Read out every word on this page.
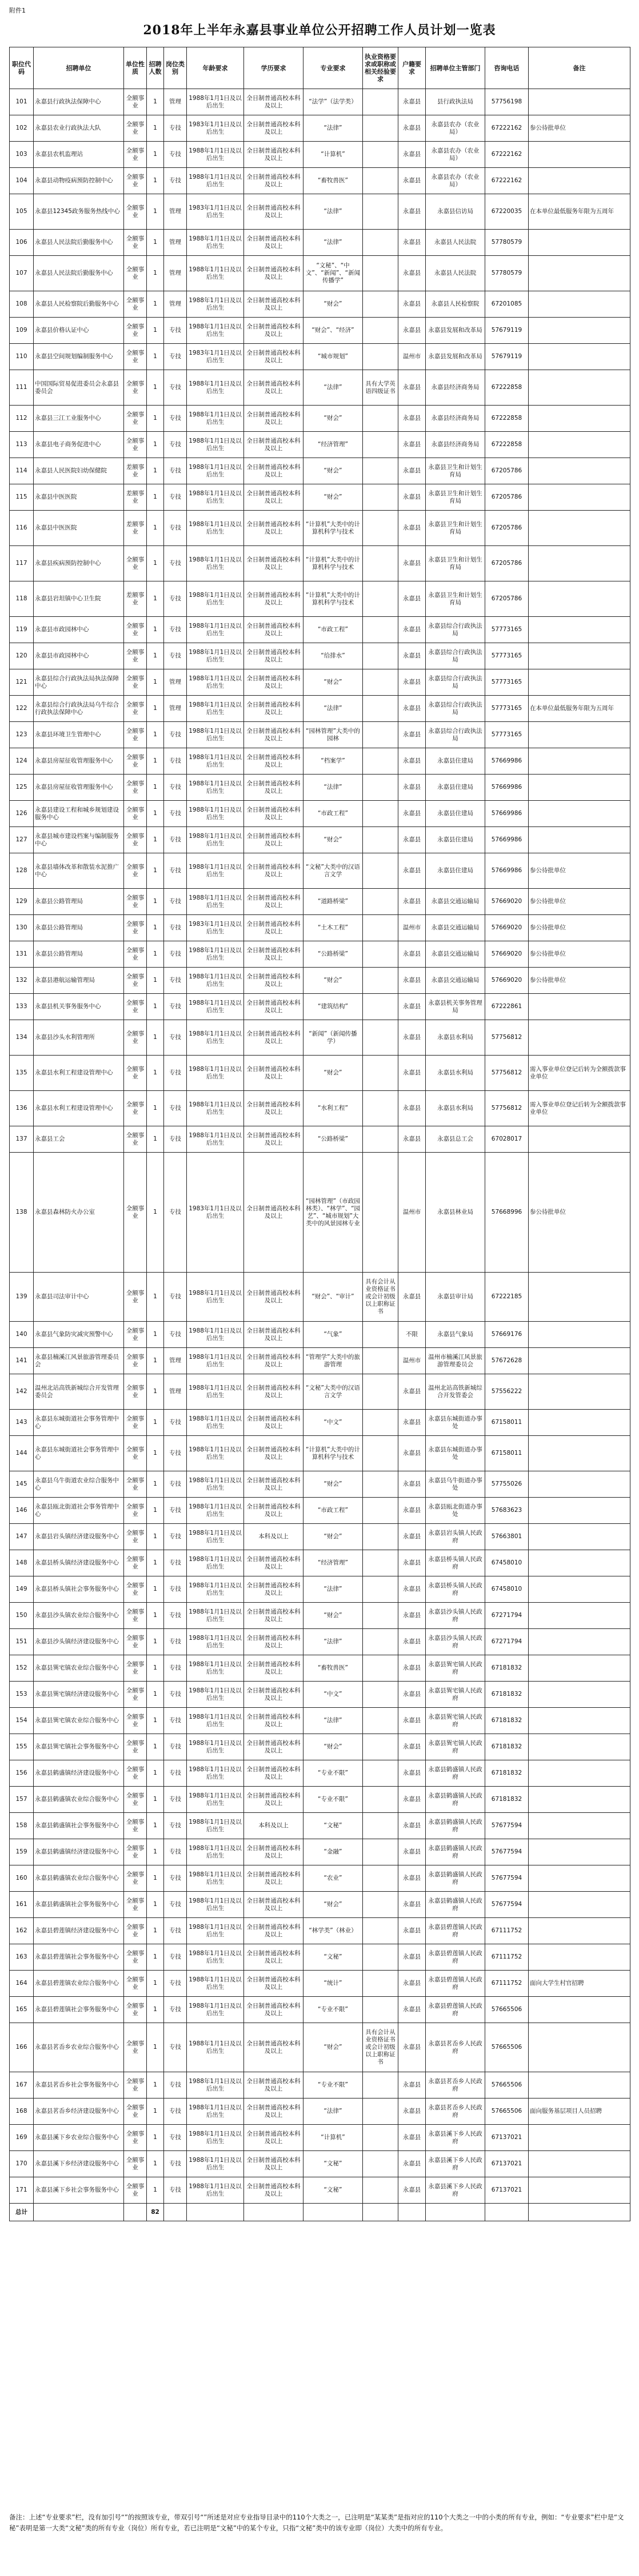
附件1
2018年上半年永嘉县事业单位公开招聘工作人员计划一览表
职位代码	招聘单位	单位性质	招聘人数	岗位类别	年龄要求	学历要求	专业要求	执业资格要求或职称或相关经验要求	户籍要求	招聘单位主管部门	咨询电话	备注
101	永嘉县行政执法保障中心	全额事业	1	管理	1988年1月1日及以后出生	全日制普通高校本科及以上	“法学”（法学类）		永嘉县	县行政执法局	57756198	
102	永嘉县农业行政执法大队	全额事业	1	专技	1983年1月1日及以后出生	全日制普通高校本科及以上	“法律”		永嘉县	永嘉县农办（农业局）	67222162	参公待批单位
103	永嘉县农机监理站	全额事业	1	专技	1988年1月1日及以后出生	全日制普通高校本科及以上	“计算机”		永嘉县	永嘉县农办（农业局）	67222162	
104	永嘉县动物疫病预防控制中心	全额事业	1	专技	1988年1月1日及以后出生	全日制普通高校本科及以上	“畜牧兽医”		永嘉县	永嘉县农办（农业局）	67222162	
105	永嘉县12345政务服务热线中心	全额事业	1	管理	1983年1月1日及以后出生	全日制普通高校本科及以上	“法律”		永嘉县	永嘉县信访局	67220035	在本单位最低服务年限为五周年
106	永嘉县人民法院后勤服务中心	全额事业	1	管理	1988年1月1日及以后出生	全日制普通高校本科及以上	“法律”		永嘉县	永嘉县人民法院	57780579	
107	永嘉县人民法院后勤服务中心	全额事业	1	管理	1988年1月1日及以后出生	全日制普通高校本科及以上	“文秘”、“中文”、“新闻”、“新闻传播学”		永嘉县	永嘉县人民法院	57780579	
108	永嘉县人民检察院后勤服务中心	全额事业	1	管理	1988年1月1日及以后出生	全日制普通高校本科及以上	“财会”		永嘉县	永嘉县人民检察院	67201085	
109	永嘉县价格认证中心	全额事业	1	专技	1988年1月1日及以后出生	全日制普通高校本科及以上	“财会”、“经济”		永嘉县	永嘉县发展和改革局	57679119	
110	永嘉县空间规划编制服务中心	全额事业	1	专技	1983年1月1日及以后出生	全日制普通高校本科及以上	“城市规划”		温州市	永嘉县发展和改革局	57679119	
111	中国国际贸易促进委员会永嘉县委员会	全额事业	1	专技	1988年1月1日及以后出生	全日制普通高校本科及以上	“法律”	具有大学英语四级证书	永嘉县	永嘉县经济商务局	67222858	
112	永嘉县三江工业服务中心	全额事业	1	专技	1988年1月1日及以后出生	全日制普通高校本科及以上	“财会”		永嘉县	永嘉县经济商务局	67222858	
113	永嘉县电子商务促进中心	全额事业	1	专技	1988年1月1日及以后出生	全日制普通高校本科及以上	“经济管理”		永嘉县	永嘉县经济商务局	67222858	
114	永嘉县人民医院妇幼保健院	差额事业	1	专技	1988年1月1日及以后出生	全日制普通高校本科及以上	“财会”		永嘉县	永嘉县卫生和计划生育局	67205786	
115	永嘉县中医医院	差额事业	1	专技	1988年1月1日及以后出生	全日制普通高校本科及以上	“财会”		永嘉县	永嘉县卫生和计划生育局	67205786	
116	永嘉县中医医院	差额事业	1	专技	1988年1月1日及以后出生	全日制普通高校本科及以上	“计算机”大类中的计算机科学与技术		永嘉县	永嘉县卫生和计划生育局	67205786	
117	永嘉县疾病预防控制中心	全额事业	1	专技	1988年1月1日及以后出生	全日制普通高校本科及以上	“计算机”大类中的计算机科学与技术		永嘉县	永嘉县卫生和计划生育局	67205786	
118	永嘉县岩坦镇中心卫生院	差额事业	1	专技	1988年1月1日及以后出生	全日制普通高校本科及以上	“计算机”大类中的计算机科学与技术		永嘉县	永嘉县卫生和计划生育局	67205786	
119	永嘉县市政园林中心	全额事业	1	专技	1988年1月1日及以后出生	全日制普通高校本科及以上	“市政工程”		永嘉县	永嘉县综合行政执法局	57773165	
120	永嘉县市政园林中心	全额事业	1	专技	1988年1月1日及以后出生	全日制普通高校本科及以上	“给排水”		永嘉县	永嘉县综合行政执法局	57773165	
121	永嘉县综合行政执法局执法保障中心	全额事业	1	管理	1988年1月1日及以后出生	全日制普通高校本科及以上	“财会”		永嘉县	永嘉县综合行政执法局	57773165	
122	永嘉县综合行政执法局乌牛综合行政执法保障中心	全额事业	1	管理	1988年1月1日及以后出生	全日制普通高校本科及以上	“法律”		永嘉县	永嘉县综合行政执法局	57773165	在本单位最低服务年限为五周年
123	永嘉县环境卫生管理中心	全额事业	1	专技	1988年1月1日及以后出生	全日制普通高校本科及以上	“园林管理”大类中的园林		永嘉县	永嘉县综合行政执法局	57773165	
124	永嘉县房屋征收管理服务中心	全额事业	1	专技	1988年1月1日及以后出生	全日制普通高校本科及以上	“档案学”		永嘉县	永嘉县住建局	57669986	
125	永嘉县房屋征收管理服务中心	全额事业	1	专技	1988年1月1日及以后出生	全日制普通高校本科及以上	“法律”		永嘉县	永嘉县住建局	57669986	
126	永嘉县建设工程和城乡规划建设服务中心	全额事业	1	专技	1988年1月1日及以后出生	全日制普通高校本科及以上	“市政工程”		永嘉县	永嘉县住建局	57669986	
127	永嘉县城市建设档案与编制服务中心	全额事业	1	专技	1988年1月1日及以后出生	全日制普通高校本科及以上	“财会”		永嘉县	永嘉县住建局	57669986	
128	永嘉县墙体改革和散装水泥推广中心	全额事业	1	专技	1988年1月1日及以后出生	全日制普通高校本科及以上	“文秘”大类中的汉语言文学		永嘉县	永嘉县住建局	57669986	参公待批单位
129	永嘉县公路管理局	全额事业	1	专技	1988年1月1日及以后出生	全日制普通高校本科及以上	“道路桥梁”		永嘉县	永嘉县交通运输局	57669020	参公待批单位
130	永嘉县公路管理局	全额事业	1	专技	1983年1月1日及以后出生	全日制普通高校本科及以上	“土木工程”		温州市	永嘉县交通运输局	57669020	参公待批单位
131	永嘉县公路管理局	全额事业	1	专技	1988年1月1日及以后出生	全日制普通高校本科及以上	“公路桥梁”		永嘉县	永嘉县交通运输局	57669020	参公待批单位
132	永嘉县港航运输管理局	全额事业	1	专技	1988年1月1日及以后出生	全日制普通高校本科及以上	“财会”		永嘉县	永嘉县交通运输局	57669020	参公待批单位
133	永嘉县机关事务服务中心	全额事业	1	专技	1988年1月1日及以后出生	全日制普通高校本科及以上	“建筑结构”		永嘉县	永嘉县机关事务管理局	67222861	
134	永嘉县沙头水利管理所	全额事业	1	专技	1988年1月1日及以后出生	全日制普通高校本科及以上	“新闻”（新闻传播学）		永嘉县	永嘉县水利局	57756812	
135	永嘉县水利工程建设管理中心	全额事业	1	专技	1988年1月1日及以后出生	全日制普通高校本科及以上	“财会”		永嘉县	永嘉县水利局	57756812	需入事业单位登记后转为全额拨款事业单位
136	永嘉县水利工程建设管理中心	全额事业	1	专技	1988年1月1日及以后出生	全日制普通高校本科及以上	“水利工程”		永嘉县	永嘉县水利局	57756812	需入事业单位登记后转为全额拨款事业单位
137	永嘉县工会	全额事业	1	专技	1988年1月1日及以后出生	全日制普通高校本科及以上	“公路桥梁”		永嘉县	永嘉县总工会	67028017	
138	永嘉县森林防火办公室	全额事业	1	专技	1983年1月1日及以后出生	全日制普通高校本科及以上	“园林管理”（市政园林类）、“林学”、“园艺”、“城市规划”大类中的风景园林专业		温州市	永嘉县林业局	57668996	参公待批单位
139	永嘉县司法审计中心	全额事业	1	专技	1988年1月1日及以后出生	全日制普通高校本科及以上	“财会”、“审计”	具有会计从业资格证书或会计初级以上职称证书	永嘉县	永嘉县审计局	67222185	
140	永嘉县气象防灾减灾预警中心	全额事业	1	专技	1988年1月1日及以后出生	全日制普通高校本科及以上	“气象”		不限	永嘉县气象局	57669176	
141	永嘉县楠溪江风景旅游管理委员会	全额事业	1	管理	1988年1月1日及以后出生	全日制普通高校本科及以上	“管理学”大类中的旅游管理		温州市	温州市楠溪江风景旅游管理委员会	57672628	
142	温州北站高铁新城综合开发管理委员会	全额事业	1	管理	1988年1月1日及以后出生	全日制普通高校本科及以上	“文秘”大类中的汉语言文学		永嘉县	温州北站高铁新城综合开发管委会	57556222	
143	永嘉县东城街道社会事务管理中心	全额事业	1	专技	1988年1月1日及以后出生	全日制普通高校本科及以上	“中文”		永嘉县	永嘉县东城街道办事处	67158011	
144	永嘉县东城街道社会事务管理中心	全额事业	1	专技	1988年1月1日及以后出生	全日制普通高校本科及以上	“计算机”大类中的计算机科学与技术		永嘉县	永嘉县东城街道办事处	67158011	
145	永嘉县乌牛街道农业综合服务中心	全额事业	1	专技	1988年1月1日及以后出生	全日制普通高校本科及以上	“财会”		永嘉县	永嘉县乌牛街道办事处	57755026	
146	永嘉县瓯北街道社会事务管理中心	全额事业	1	专技	1988年1月1日及以后出生	全日制普通高校本科及以上	“市政工程”		永嘉县	永嘉县瓯北街道办事处	57683623	
147	永嘉县岩头镇经济建设服务中心	全额事业	1	专技	1988年1月1日及以后出生	本科及以上	“财会”		永嘉县	永嘉县岩头镇人民政府	57663801	
148	永嘉县桥头镇经济建设服务中心	全额事业	1	专技	1988年1月1日及以后出生	全日制普通高校本科及以上	“经济管理”		永嘉县	永嘉县桥头镇人民政府	67458010	
149	永嘉县桥头镇社会事务服务中心	全额事业	1	专技	1988年1月1日及以后出生	全日制普通高校本科及以上	“法律”		永嘉县	永嘉县桥头镇人民政府	67458010	
150	永嘉县沙头镇农业综合服务中心	全额事业	1	专技	1988年1月1日及以后出生	全日制普通高校本科及以上	“财会”		永嘉县	永嘉县沙头镇人民政府	67271794	
151	永嘉县沙头镇经济建设服务中心	全额事业	1	专技	1988年1月1日及以后出生	全日制普通高校本科及以上	“法律”		永嘉县	永嘉县沙头镇人民政府	67271794	
152	永嘉县巽宅镇农业综合服务中心	全额事业	1	专技	1988年1月1日及以后出生	全日制普通高校本科及以上	“畜牧兽医”		永嘉县	永嘉县巽宅镇人民政府	67181832	
153	永嘉县巽宅镇经济建设服务中心	全额事业	1	专技	1988年1月1日及以后出生	全日制普通高校本科及以上	“中文”		永嘉县	永嘉县巽宅镇人民政府	67181832	
154	永嘉县巽宅镇农业综合服务中心	全额事业	1	专技	1988年1月1日及以后出生	全日制普通高校本科及以上	“法律”		永嘉县	永嘉县巽宅镇人民政府	67181832	
155	永嘉县巽宅镇社会事务服务中心	全额事业	1	专技	1988年1月1日及以后出生	全日制普通高校本科及以上	“财会”		永嘉县	永嘉县巽宅镇人民政府	67181832	
156	永嘉县鹤盛镇经济建设服务中心	全额事业	1	专技	1988年1月1日及以后出生	全日制普通高校本科及以上	“专业不限”		永嘉县	永嘉县鹤盛镇人民政府	67181832	
157	永嘉县鹤盛镇农业综合服务中心	全额事业	1	专技	1988年1月1日及以后出生	全日制普通高校本科及以上	“专业不限”		永嘉县	永嘉县鹤盛镇人民政府	67181832	
158	永嘉县鹤盛镇社会事务服务中心	全额事业	1	专技	1988年1月1日及以后出生	本科及以上	“文秘”		永嘉县	永嘉县鹤盛镇人民政府	57677594	
159	永嘉县鹤盛镇经济建设服务中心	全额事业	1	专技	1988年1月1日及以后出生	全日制普通高校本科及以上	“金融”		永嘉县	永嘉县鹤盛镇人民政府	57677594	
160	永嘉县鹤盛镇农业综合服务中心	全额事业	1	专技	1988年1月1日及以后出生	全日制普通高校本科及以上	“农业”		永嘉县	永嘉县鹤盛镇人民政府	57677594	
161	永嘉县鹤盛镇社会事务服务中心	全额事业	1	专技	1988年1月1日及以后出生	全日制普通高校本科及以上	“财会”		永嘉县	永嘉县鹤盛镇人民政府	57677594	
162	永嘉县碧莲镇经济建设服务中心	全额事业	1	专技	1988年1月1日及以后出生	全日制普通高校本科及以上	“林学类”（林业）		永嘉县	永嘉县碧莲镇人民政府	67111752	
163	永嘉县碧莲镇社会事务服务中心	全额事业	1	专技	1988年1月1日及以后出生	全日制普通高校本科及以上	“文秘”		永嘉县	永嘉县碧莲镇人民政府	67111752	
164	永嘉县碧莲镇农业综合服务中心	全额事业	1	专技	1988年1月1日及以后出生	全日制普通高校本科及以上	“统计”		永嘉县	永嘉县碧莲镇人民政府	67111752	面向大学生村官招聘
165	永嘉县碧莲镇社会事务服务中心	全额事业	1	专技	1988年1月1日及以后出生	全日制普通高校本科及以上	“专业不限”		永嘉县	永嘉县碧莲镇人民政府	57665506	
166	永嘉县茗岙乡农业综合服务中心	全额事业	1	专技	1988年1月1日及以后出生	全日制普通高校本科及以上	“财会”	具有会计从业资格证书或会计初级以上职称证书	永嘉县	永嘉县茗岙乡人民政府	57665506	
167	永嘉县茗岙乡社会事务服务中心	全额事业	1	专技	1988年1月1日及以后出生	全日制普通高校本科及以上	“专业不限”		永嘉县	永嘉县茗岙乡人民政府	57665506	
168	永嘉县茗岙乡经济建设服务中心	全额事业	1	专技	1988年1月1日及以后出生	全日制普通高校本科及以上	“法律”		永嘉县	永嘉县茗岙乡人民政府	57665506	面向服务基层项目人员招聘
169	永嘉县溪下乡农业综合服务中心	全额事业	1	专技	1988年1月1日及以后出生	全日制普通高校本科及以上	“计算机”		永嘉县	永嘉县溪下乡人民政府	67137021	
170	永嘉县溪下乡经济建设服务中心	全额事业	1	专技	1988年1月1日及以后出生	全日制普通高校本科及以上	“文秘”		永嘉县	永嘉县溪下乡人民政府	67137021	
171	永嘉县溪下乡社会事务服务中心	全额事业	1	专技	1988年1月1日及以后出生	全日制普通高校本科及以上	“文秘”		永嘉县	永嘉县溪下乡人民政府	67137021	
总计			82									
备注：上述“专业要求”栏，没有加引号“”的按照该专业，带双引号“”所述是对应专业指导目录中的110个大类之一，已注明是“某某类”是指对应的110个大类之一中的小类的所有专业，例如：“专业要求”栏中是“文秘”表明是第一大类“文秘”类的所有专业（岗位）所有专业，若已注明是“文秘”中的某个专业，只指“文秘”类中的该专业即（岗位）大类中的所有专业。
